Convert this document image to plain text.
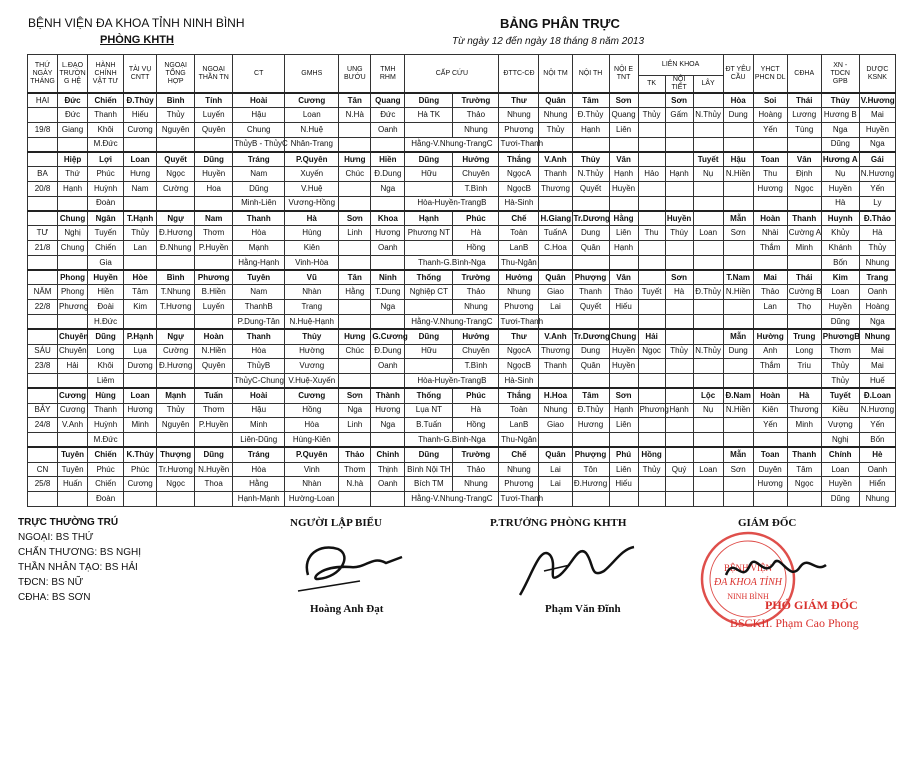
BỆNH VIỆN ĐA KHOA TỈNH NINH BÌNH
PHÒNG KHTH
BẢNG PHÂN TRỰC
Từ ngày 12 đến ngày 18 tháng 8 năm 2013
THỨ NGÀY THÁNG	L.ĐẠO TRƯỜN G HỆ	HÀNH CHÍNH VẬT TƯ	TÀI VỤ CNTT	NGOẠI TỔNG HỢP	NGOẠI THẦN TN	CT	GMHS	UNG BƯỚU	TMH RHM	CẤP CỨU		ĐTTC-CĐ	NỘI TM	NỘI TH	NỘI E TNT	LIÊN KHOA			ĐT YÊU CẦU	YHCT PHCN DL	CĐHA	XN - TDCN GPB	DƯỢC KSNK
																TK	NỘI TIẾT	LÂY					
HAI	Đức	Chiến	Đ.Thủy	Bình	Tính	Hoài	Cương	Tân	Quang	Dũng	Trường	Thư	Quân	Tâm	Sơn		Sơn		Hòa	Soi	Thái	Thủy	V.Hương
	Đức	Thanh	Hiếu	Thủy	Luyến	Hậu	Loan	N.Hà	Đức	Hà TK	Thảo	Nhung	Nhung	Đ.Thủy	Quang	Thủy	Gấm	N.Thủy	Dung	Hoàng	Lương	Hương B	Mai
19/8	Giang	Khôi	Cương	Nguyên	Quyên	Chung	N.Huệ		Oanh		Nhung	Phương	Thủy	Hạnh	Liên					Yến	Tùng	Nga	Huyền
		M.Đức				ThủyB - ThủyC	Nhân-Trang			Hằng-V.Nhung-TrangC		Tươi-Thanh										Dũng	Nga
	Hiệp	Lợi	Loan	Quyết	Dũng	Tráng	P.Quyên	Hưng	Hiền	Dũng	Hưởng	Thắng	V.Anh	Thủy	Vân			Tuyết	Hậu	Toan	Vân	Hương A	Gái
BA	Thứ	Phúc	Hưng	Ngọc	Huyền	Nam	Xuyến	Chúc	Đ.Dung	Hữu	Chuyên	NgọcA	Thanh	N.Thủy	Hạnh	Hảo	Hạnh	Nụ	N.Hiền	Thu	Định	Nụ	N.Hương
20/8	Hạnh	Huỳnh	Nam	Cường	Hoa	Dũng	V.Huệ		Nga		T.Bình	NgọcB	Thương	Quyết	Huyền					Hương	Ngọc	Huyền	Yến
		Đoàn				Minh-Liên	Vương-Hồng			Hòa-Huyền-TrangB		Hà-Sinh										Hà	Ly
	Chung	Ngân	T.Hạnh	Ngự	Nam	Thanh	Hà	Sơn	Khoa	Hạnh	Phúc	Chế	H.Giang	Tr.Dương	Hằng		Huyền		Mẫn	Hoàn	Thanh	Huynh	Đ.Thảo
TƯ	Nghị	Tuyến	Thủy	Đ.Hương	Thơm	Hòa	Hùng	Linh	Hương	Phương NT	Hà	Toàn	TuấnA	Dung	Liên	Thu	Thúy	Loan	Sơn	Nhài	Cường A	Khủy	Hà
21/8	Chung	Chiến	Lan	Đ.Nhung	P.Huyền	Mạnh	Kiên		Oanh		Hồng	LanB	C.Hoa	Quân	Hạnh					Thắm	Minh	Khánh	Thủy
		Gia				Hằng-Hạnh	Vinh-Hòa			Thanh-G.Bình-Nga		Thu-Ngân										Bốn	Nhung
	Phong	Huyền	Hòe	Bình	Phương	Tuyên	Vũ	Tân	Ninh	Thống	Trường	Hưởng	Quân	Phượng	Vân		Sơn		T.Nam	Mai	Thái	Kim	Trang
NĂM	Phong	Hiền	Tâm	T.Nhung	B.Hiền	Nam	Nhàn	Hằng	T.Dung	Nghiệp CT	Thảo	Nhung	Giao	Thanh	Thảo	Tuyết	Hà	Đ.Thủy	N.Hiền	Thảo	Cường B	Loan	Oanh
22/8	Phương	Đoài	Kim	T.Hương	Luyến	ThanhB	Trang		Nga		Nhung	Phương	Lai	Quyết	Hiếu					Lan	Thọ	Huyền	Hoàng
		H.Đức				P.Dung-Tân	N.Huệ-Hạnh			Hằng-V.Nhung-TrangC		Tươi-Thanh										Dũng	Nga
	Chuyên	Dũng	P.Hạnh	Ngự	Hoàn	Thanh	Thủy	Hưng	G.Cương	Dũng	Hưởng	Thư	V.Anh	Tr.Dương	Chung	Hải			Mẫn	Hường	Trung	PhươngB	Nhung
SÁU	Chuyên	Long	Lụa	Cường	N.Hiền	Hòa	Hường	Chúc	Đ.Dung	Hữu	Chuyên	NgọcA	Thương	Dung	Huyền	Ngọc	Thủy	N.Thủy	Dung	Anh	Long	Thơm	Mai
23/8	Hải	Khôi	Dương	Đ.Hương	Quyên	ThủyB	Vương		Oanh		T.Bình	NgọcB	Thanh	Quân	Huyền					Thắm	Triu	Thủy	Mai
		Liêm				ThủyC-Chung	V.Huệ-Xuyến			Hòa-Huyền-TrangB		Hà-Sinh										Thủy	Huế
	Cương	Hùng	Loan	Mạnh	Tuấn	Hoài	Cương	Sơn	Thành	Thống	Phúc	Thắng	H.Hoa	Tâm	Sơn			Lộc	Đ.Nam	Hoàn	Hà	Tuyết	Đ.Loan
BẢY	Cương	Thanh	Hương	Thủy	Thơm	Hậu	Hồng	Nga	Hương	Lụa NT	Hà	Toàn	Nhung	Đ.Thủy	Hạnh	Phương	Hạnh	Nụ	N.Hiền	Kiên	Thương	Kiều	N.Hương
24/8	V.Anh	Huỳnh	Minh	Nguyên	P.Huyền	Minh	Hòa	Linh	Nga	B.Tuấn	Hồng	LanB	Giao	Hương	Liên					Yến	Minh	Vượng	Yến
		M.Đức				Liên-Dũng	Hùng-Kiên			Thanh-G.Bình-Nga		Thu-Ngân										Nghị	Bốn
	Tuyên	Chiến	K.Thủy	Thượng	Dũng	Tráng	P.Quyên	Thảo	Chinh	Dũng	Trường	Chế	Quân	Phượng	Phú	Hồng			Mẫn	Toan	Thanh	Chính	Hè
CN	Tuyên	Phúc	Phúc	Tr.Hương	N.Huyền	Hòa	Vinh	Thơm	Thịnh	Bình Nội TH	Thảo	Nhung	Lai	Tôn	Liên	Thủy	Quý	Loan	Sơn	Duyên	Tâm	Loan	Oanh
25/8	Huấn	Chiến	Cương	Ngọc	Thoa	Hằng	Nhàn	N.hà	Oanh	Bích TM	Nhung	Phương	Lai	Đ.Hương	Hiếu					Hương	Ngọc	Huyền	Hiển
		Đoàn				Hạnh-Mạnh	Hường-Loan			Hằng-V.Nhung-TrangC		Tươi-Thanh										Dũng	Nhung
TRỰC THƯỜNG TRÚ
NGOẠI: BS THỨ
CHẤN THƯƠNG: BS NGHỊ
THẦN NHÂN TẠO: BS HẢI
TĐCN: BS NỮ
CĐHA: BS SƠN
NGƯỜI LẬP BIỂU
Hoàng Anh Đạt
P.TRƯỞNG PHÒNG KHTH
Phạm Văn Đĩnh
GIÁM ĐỐC
BỆNH VIỆN
ĐA KHOA TỈNH
NINH BÌNH
PHÓ GIÁM ĐỐC
BSCKII. Phạm Cao Phong
